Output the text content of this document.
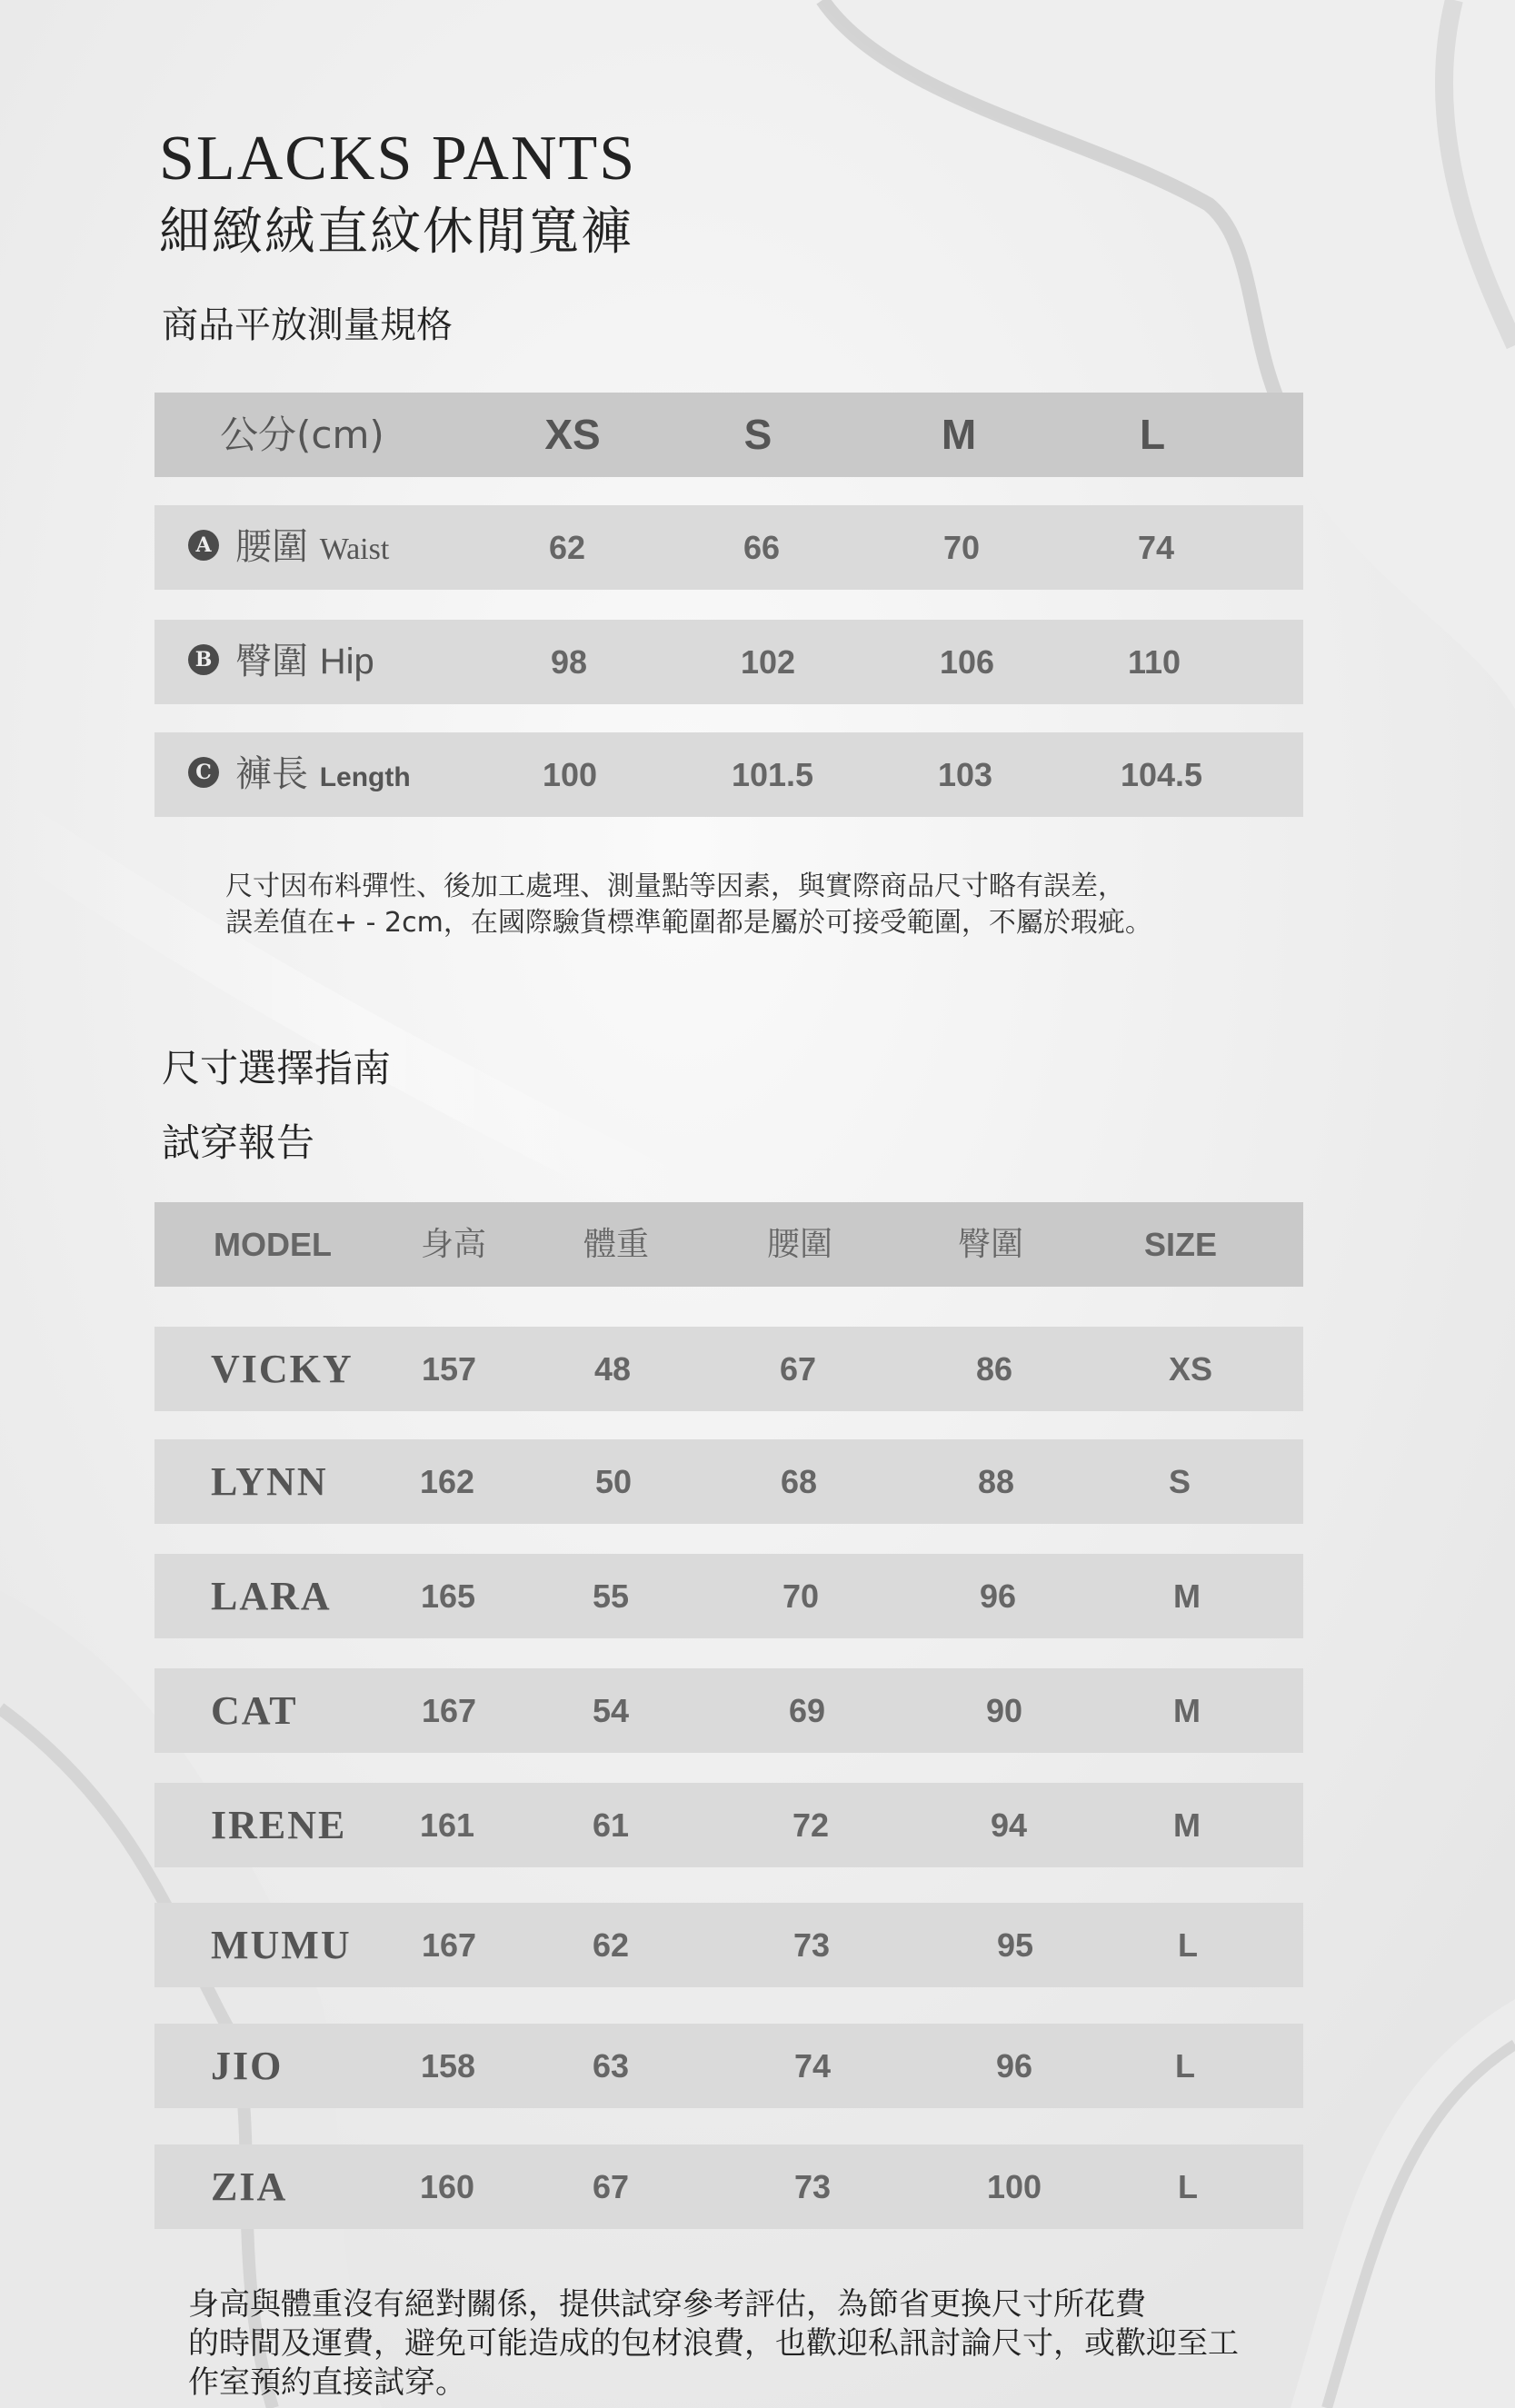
SLACKS PANTS
細緻絨直紋休閒寬褲
商品平放測量規格
公分(cm)	XS	S	M	L
A 腰圍 Waist	62	66	70	74
B 臀圍 Hip	98	102	106	110
C 褲長 Length	100	101.5	103	104.5
尺寸因布料彈性、後加工處理、測量點等因素，與實際商品尺寸略有誤差，
誤差值在+ - 2cm，在國際驗貨標準範圍都是屬於可接受範圍，不屬於瑕疵。
尺寸選擇指南
試穿報告
MODEL	身高	體重	腰圍	臀圍	SIZE
VICKY 157	48	67	86	XS
LYNN	162	50	68	88	S
LARA	165	55	70	96	M
CAT	167	54	69	90	M
IRENE 161	61	72	94	M
MUMU 167	62	73	95	L
JIO	158	63	74	96	L
ZIA	160	67	73	100	L
身高與體重沒有絕對關係，提供試穿參考評估，為節省更換尺寸所花費
的時間及運費，避免可能造成的包材浪費，也歡迎私訊討論尺寸，或歡迎至工
作室預約直接試穿。
